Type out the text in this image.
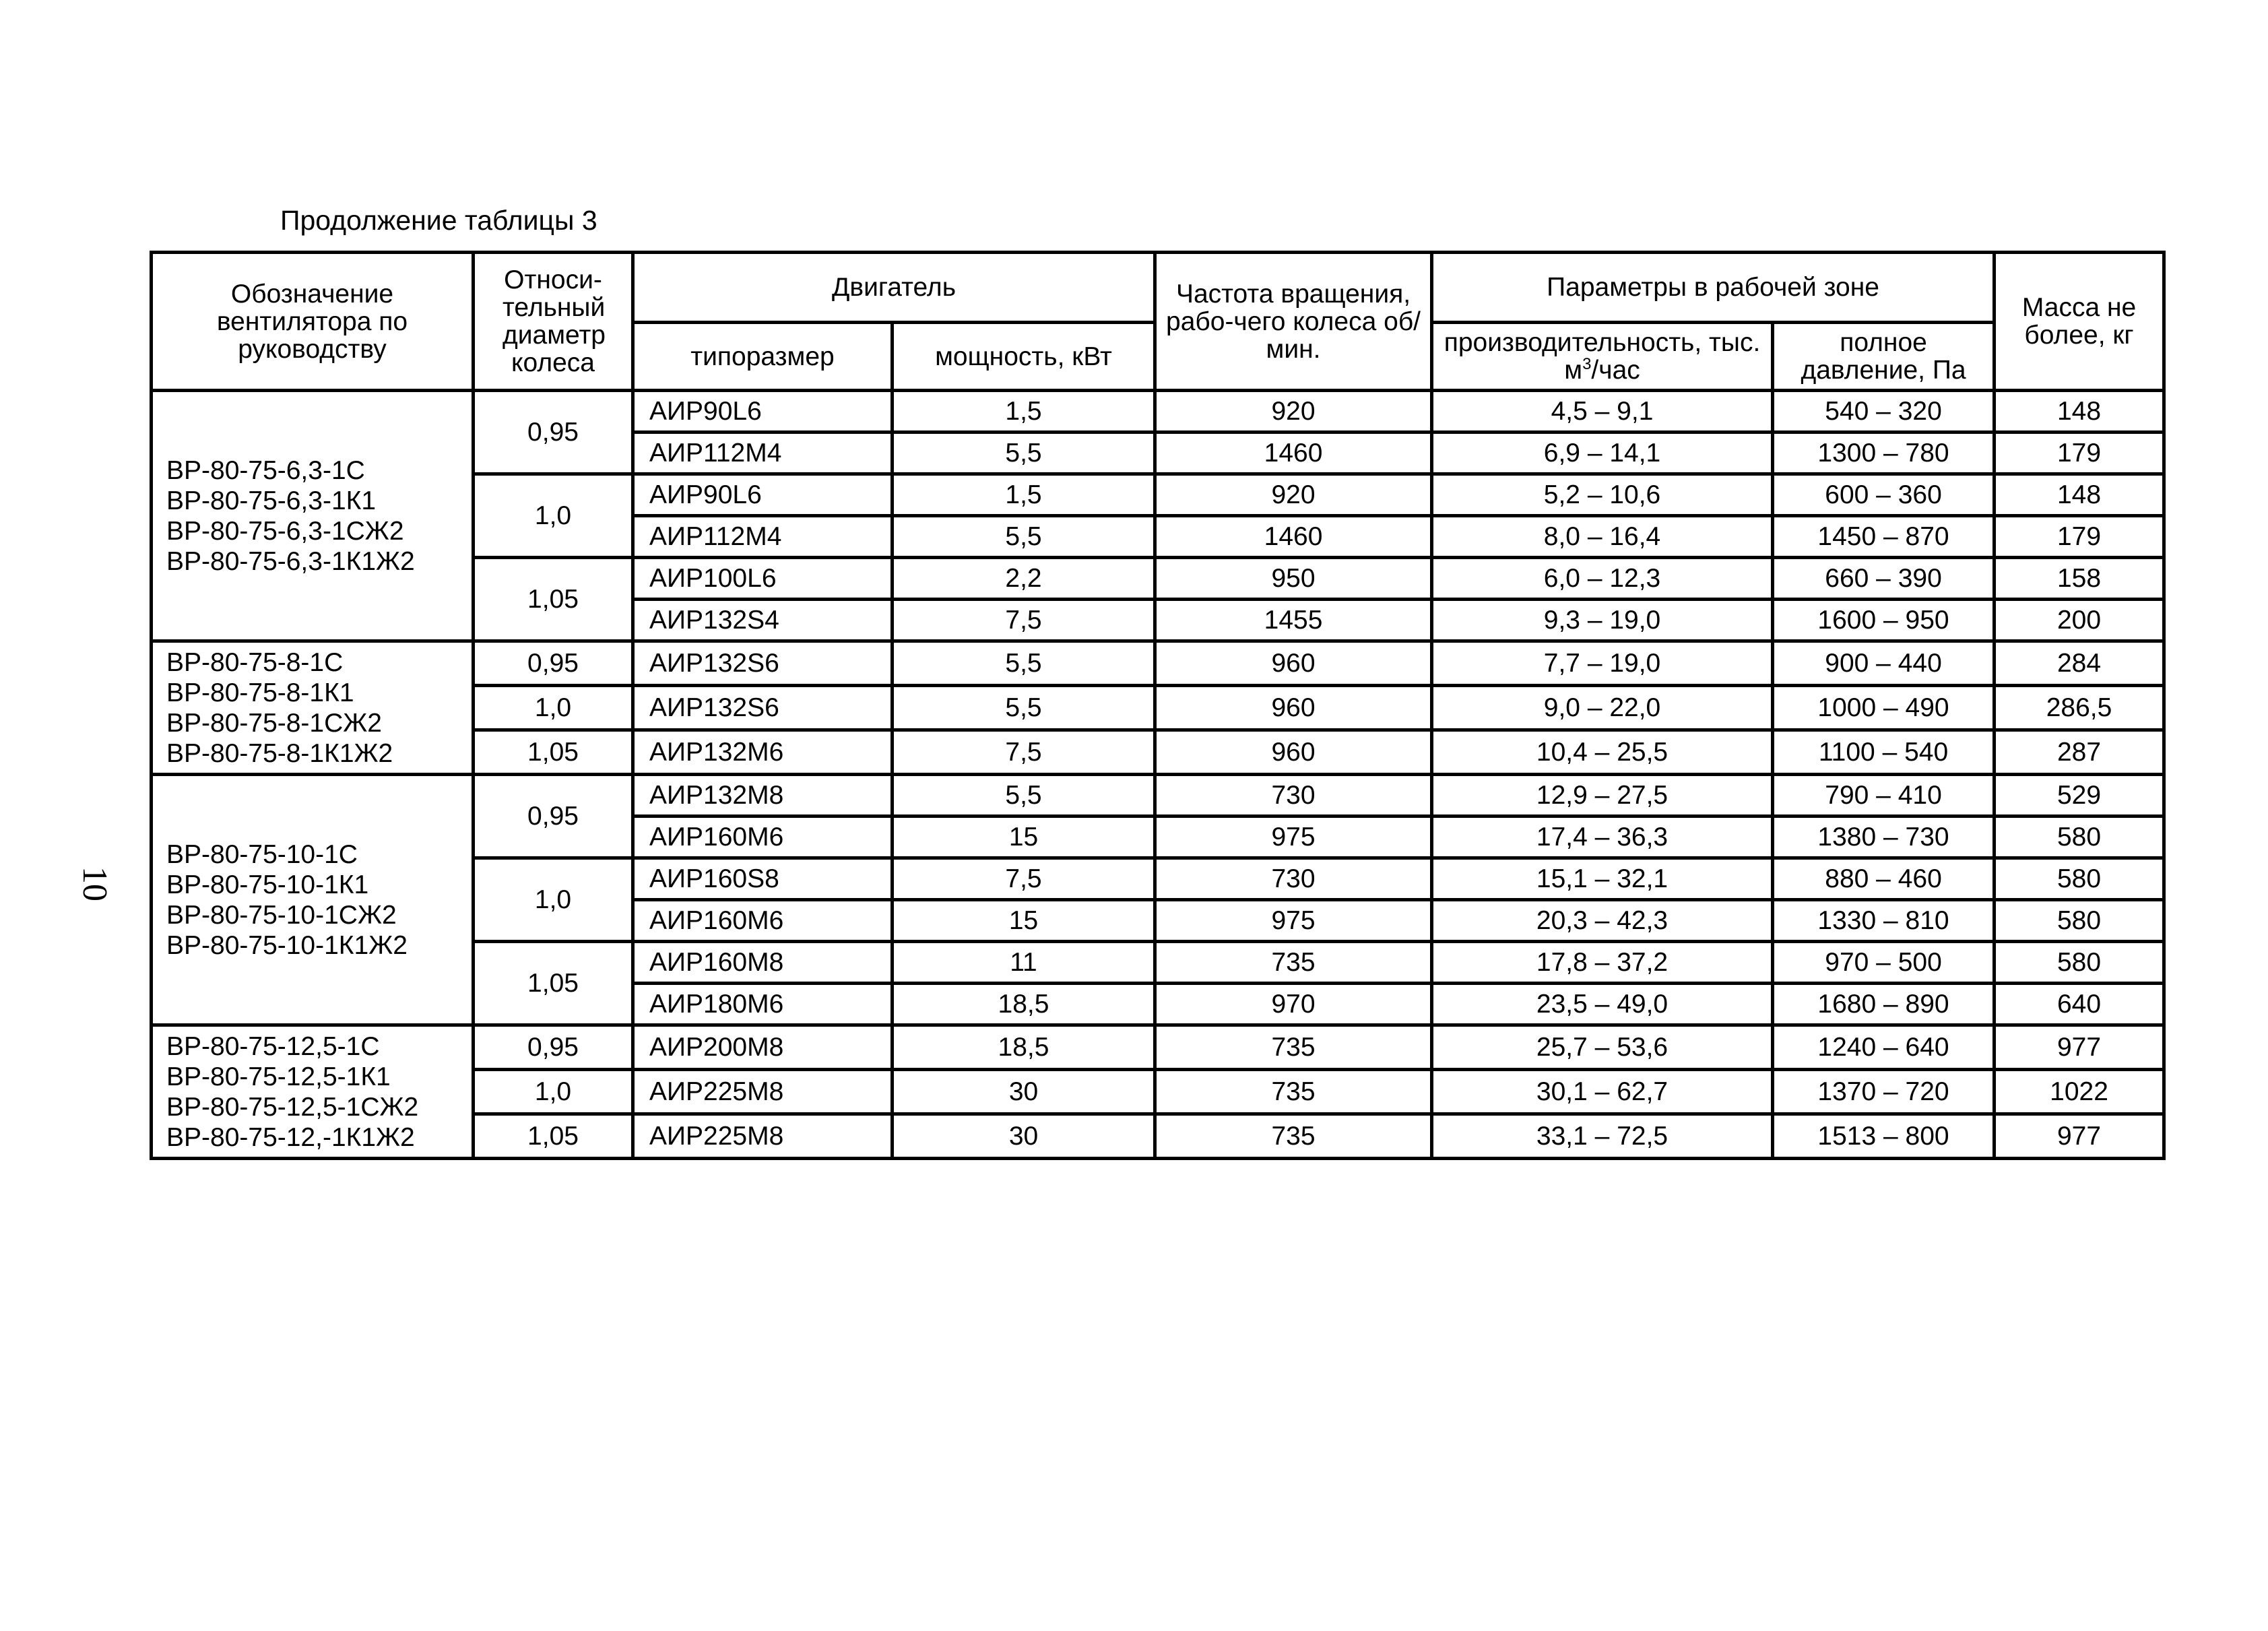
Продолжение таблицы 3
10
Обозначение вентилятора по руководству	Относи-тельный диаметр колеса	Двигатель		Частота вращения, рабо-чего колеса об/мин.	Параметры в рабочей зоне		Масса не более, кг
		типоразмер	мощность, кВт		производительность, тыс. $м^3$/час	полное давление, Па	

ВР-80-75-6,3-1С
ВР-80-75-6,3-1К1
ВР-80-75-6,3-1СЖ2
ВР-80-75-6,3-1К1Ж2	0,95	АИР90L6	1,5	920	4,5 – 9,1	540 – 320	148
		АИР112М4	5,5	1460	6,9 – 14,1	1300 – 780	179
	1,0	АИР90L6	1,5	920	5,2 – 10,6	600 – 360	148
		АИР112М4	5,5	1460	8,0 – 16,4	1450 – 870	179
	1,05	АИР100L6	2,2	950	6,0 – 12,3	660 – 390	158
		АИР132S4	7,5	1455	9,3 – 19,0	1600 – 950	200

ВР-80-75-8-1С
ВР-80-75-8-1К1
ВР-80-75-8-1СЖ2
ВР-80-75-8-1К1Ж2	0,95	АИР132S6	5,5	960	7,7 – 19,0	900 – 440	284
	1,0	АИР132S6	5,5	960	9,0 – 22,0	1000 – 490	286,5
	1,05	АИР132М6	7,5	960	10,4 – 25,5	1100 – 540	287

ВР-80-75-10-1С
ВР-80-75-10-1К1
ВР-80-75-10-1СЖ2
ВР-80-75-10-1К1Ж2	0,95	АИР132М8	5,5	730	12,9 – 27,5	790 – 410	529
		АИР160М6	15	975	17,4 – 36,3	1380 – 730	580
	1,0	АИР160S8	7,5	730	15,1 – 32,1	880 – 460	580
		АИР160М6	15	975	20,3 – 42,3	1330 – 810	580
	1,05	АИР160М8	11	735	17,8 – 37,2	970 – 500	580
		АИР180М6	18,5	970	23,5 – 49,0	1680 – 890	640

ВР-80-75-12,5-1С
ВР-80-75-12,5-1К1
ВР-80-75-12,5-1СЖ2
ВР-80-75-12,-1К1Ж2	0,95	АИР200М8	18,5	735	25,7 – 53,6	1240 – 640	977
	1,0	АИР225М8	30	735	30,1 – 62,7	1370 – 720	1022
	1,05	АИР225М8	30	735	33,1 – 72,5	1513 – 800	977
